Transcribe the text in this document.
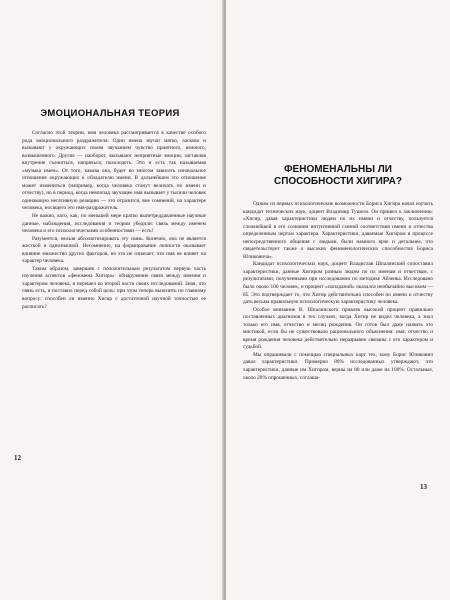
ЭМОЦИОНАЛЬНАЯ ТЕОРИЯ

Согласно этой теории, имя человека рассматривается в качестве особого рода эмоционального раздражителя. Одни имена звучат мягко, ласково и вызывают у окружающих своим звучанием чувство приятного, нежного, возвышенного. Другие — наоборот, вызывают неприятные эмоции, заставляя внутренне съежиться, напрячься, похолодеть. Это и есть так называемая «музыка имен». От того, какова она, будет во многом зависеть изначальное отношение окружающих к обладателю имени. В дальнейшем это отношение может измениться (например, когда человека станут величать по имени и отчеству), но в период, когда невпопад звучащее имя вызывает у тысячи человек одинаковую негативную реакцию — это отразится, вне сомнений, на характере человека, носящего это имя-раздражитель.

Не важно, кого, как, по меньшей мере кратко выпетреддавленные научные данные, наблюдения, исследования и теории убедили: связь между именем человека и его психологическими особенностями — есть!

Разумеется, нельзя абсолютизировать эту связь. Конечно, она не является жесткой и однозначной. Несомненно, на формирование личности оказывает влияние множество других факторов, но это не означает, что имя не влияет на характер человека.

Таким образом, завершив с положительным результатом первую часть изучения аспектов «феномена Хигира»: обнаружение связи между именем и характером человека, я перешел ко второй части своих исследований. Зная, что связь есть, я поставил перед собой цель: при этом теперь выяснить по главному вопросу: способен ли именно Хигир с достаточной научной точностью ее расписать?

12
ФЕНОМЕНАЛЬНЫ ЛИ
СПОСОБНОСТИ ХИГИРА?

Одним из первых психологические возможности Бориса Хигира начал изучать кандидат технических наук, доцент Владимир Тушело. Он пришел к заключению: «Хигир, давая характеристики людям по их имени и отчеству, пользуется сложнейшей в его сознании интуитивной схемой соответствия имени и отчества определенным чертам характера. Характеристики, даваемые Хигиром в процессе непосредственного общения с людьми, были намного ярче и детальнее, что свидетельствует также о высоких феноменологических способностях Бориса Юликовича».

Кандидат психологических наук, доцент Владислав Шпалинский сопоставил характеристики, данные Хигиром разным людям по их именам и отчествам, с результатами, полученными при исследовании по методике Айзенка. Исследовано было около 100 человек, и процент «попаданий» оказался необычайно высоким — 85. Это подтверждает то, что Хигир действительно способен по имени и отчеству дать весьма правильную психологическую характеристику человека.

Особое внимание В. Шпалинского привлек высокий процент правильно поставленных диагнозов в тех случаях, когда Хигир не видел человека, а знал только его имя, отчество и месяц рождения. Он готов был даже назвать это мистикой, если бы не существовало рационального объяснения: имя, отчество и время рождения человека действительно неразрывно связаны с его характером и судьбой.

Мы опрашивали с помощью специальных карт тех, кому Борис Юликович давал характеристики. Примерно 80% исследованных утверждают, что характеристики, данные им Хигиром, верны на 80 или даже на 100%. Остальные, около 20% опрошенных, соглаша-

13
